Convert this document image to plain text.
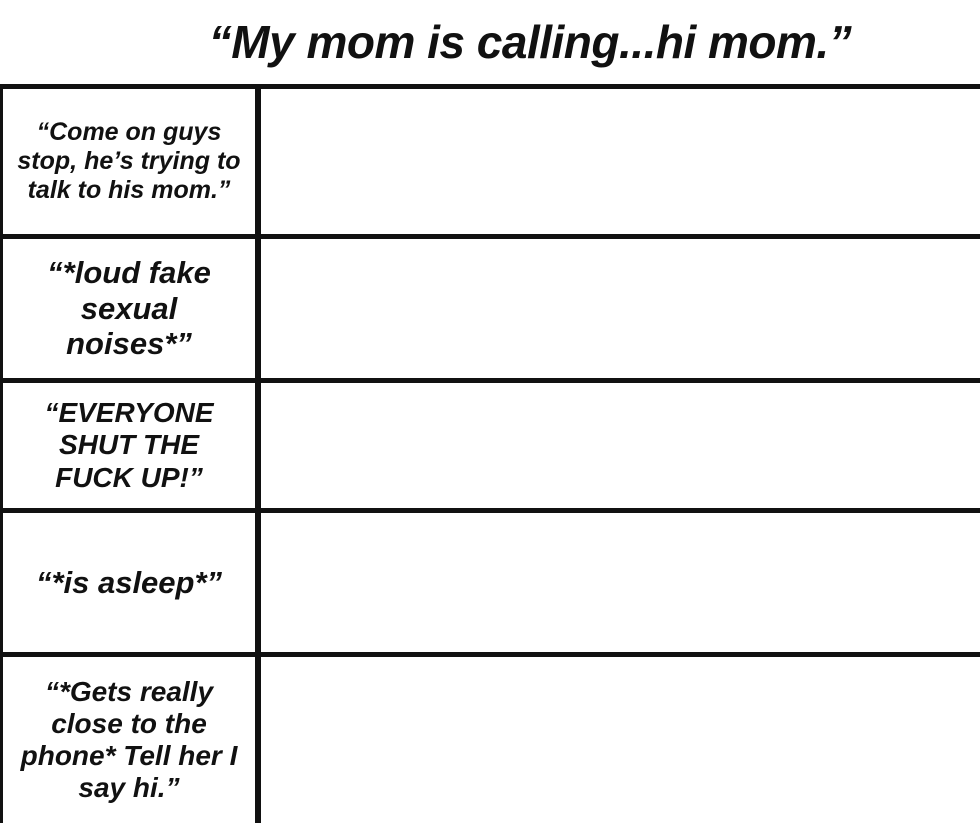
“My mom is calling...hi mom.”
“Come on guys stop, he’s trying to talk to his mom.”
“*loud fake sexual noises*”
“EVERYONE SHUT THE FUCK UP!”
“*is asleep*”
“*Gets really close to the phone* Tell her I say hi.”
